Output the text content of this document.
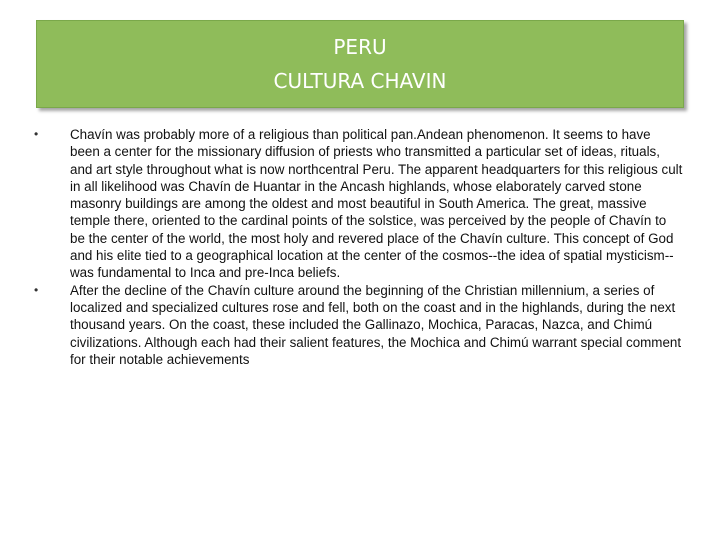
PERU
CULTURA CHAVIN
•	Chavín was probably more of a religious than political pan.Andean phenomenon. It seems to have been a center for the missionary diffusion of priests who transmitted a particular set of ideas, rituals, and art style throughout what is now northcentral Peru. The apparent headquarters for this religious cult in all likelihood was Chavín de Huantar in the Ancash highlands, whose elaborately carved stone masonry buildings are among the oldest and most beautiful in South America. The great, massive temple there, oriented to the cardinal points of the solstice, was perceived by the people of Chavín to be the center of the world, the most holy and revered place of the Chavín culture. This concept of God and his elite tied to a geographical location at the center of the cosmos--the idea of spatial mysticism--was fundamental to Inca and pre-Inca beliefs.
•	After the decline of the Chavín culture around the beginning of the Christian millennium, a series of localized and specialized cultures rose and fell, both on the coast and in the highlands, during the next thousand years. On the coast, these included the Gallinazo, Mochica, Paracas, Nazca, and Chimú civilizations. Although each had their salient features, the Mochica and Chimú warrant special comment for their notable achievements
